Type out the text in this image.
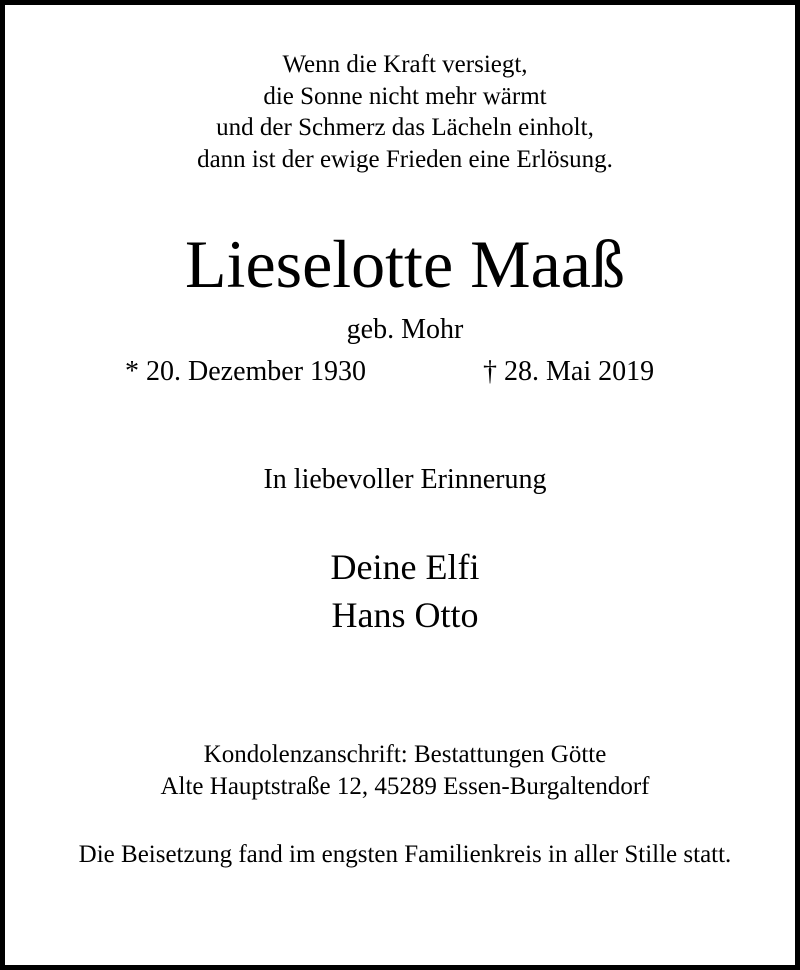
Wenn die Kraft versiegt,
die Sonne nicht mehr wärmt
und der Schmerz das Lächeln einholt,
dann ist der ewige Frieden eine Erlösung.
Lieselotte Maaß
geb. Mohr
* 20. Dezember 1930	† 28. Mai 2019
In liebevoller Erinnerung
Deine Elfi
Hans Otto
Kondolenzanschrift: Bestattungen Götte
Alte Hauptstraße 12, 45289 Essen-Burgaltendorf
Die Beisetzung fand im engsten Familienkreis in aller Stille statt.
